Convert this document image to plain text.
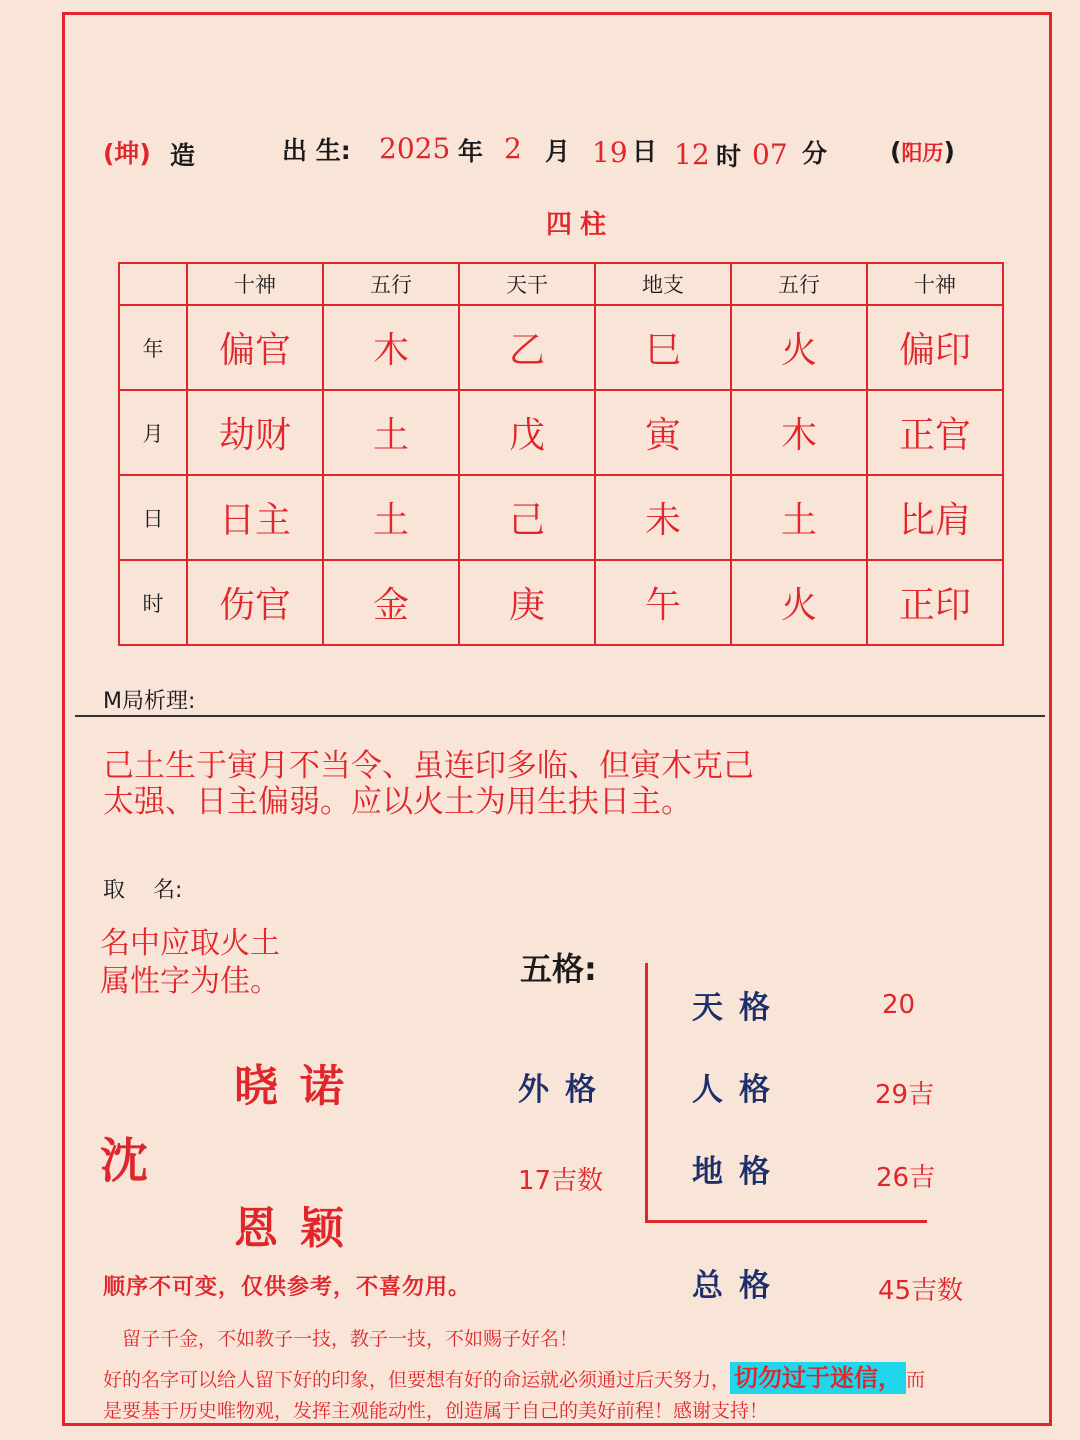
(坤) 造	出 生: 2025 年 2 月 19 日 12 时 07 分	(阳历)
四柱
	十神	五行	天干	地支	五行	十神
年	偏官	木	乙	巳	火	偏印
月	劫财	土	戊	寅	木	正官
日	日主	土	己	未	土	比肩
时	伤官	金	庚	午	火	正印
M局析理:
己土生于寅月不当令、虽连印多临、但寅木克己
太强、日主偏弱。应以火土为用生扶日主。
取    名:
名中应取火土
属性字为佳。
晓诺
沈
恩颖
顺序不可变，仅供参考，不喜勿用。
五格:
外格
17吉数
天格	20
人格	29吉
地格	26吉
总格	45吉数
留子千金，不如教子一技，教子一技，不如赐子好名！
好的名字可以给人留下好的印象，但要想有好的命运就必须通过后天努力， 切勿过于迷信， 而
是要基于历史唯物观，发挥主观能动性，创造属于自己的美好前程！感谢支持！
